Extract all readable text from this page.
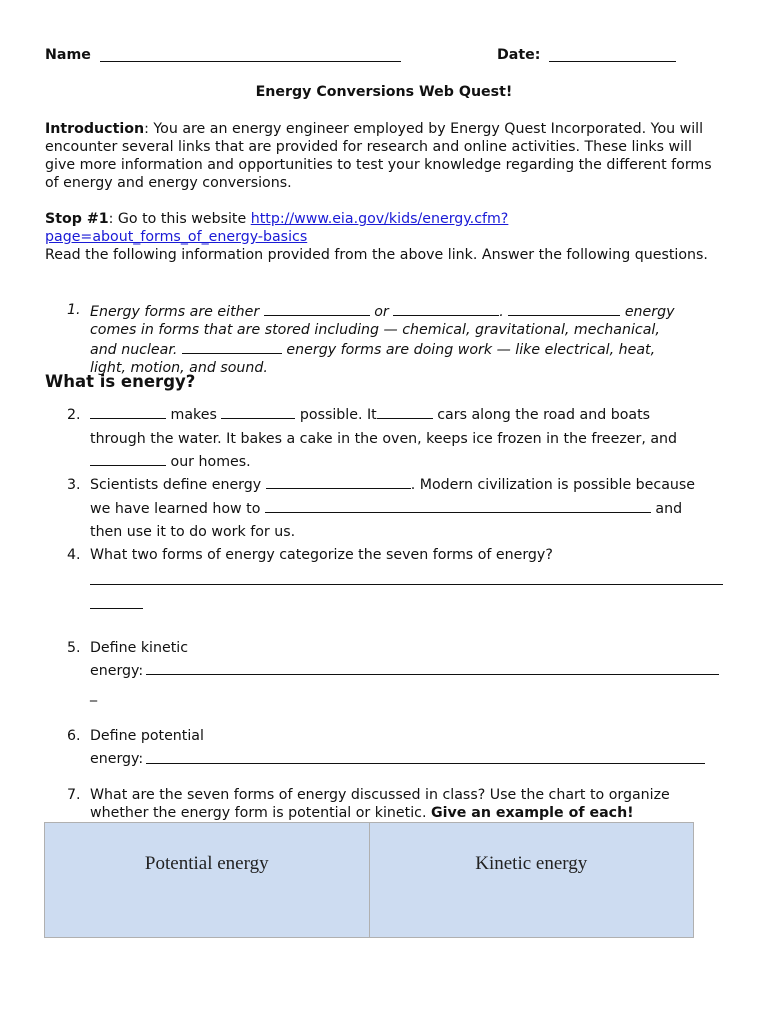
Name	Date:
Energy Conversions Web Quest!
Introduction: You are an energy engineer employed by Energy Quest Incorporated. You will encounter several links that are provided for research and online activities. These links will give more information and opportunities to test your knowledge regarding the different forms of energy and energy conversions.
Stop #1: Go to this website http://www.eia.gov/kids/energy.cfm?
page=about_forms_of_energy-basics
Read the following information provided from the above link. Answer the following questions.
1. Energy forms are either	or	.	energy
comes in forms that are stored including — chemical, gravitational, mechanical,
and nuclear.	energy forms are doing work — like electrical, heat,
light, motion, and sound.
What is energy?
2.	makes	possible. It	cars along the road and boats
through the water. It bakes a cake in the oven, keeps ice frozen in the freezer, and
our homes.
3. Scientists define energy	. Modern civilization is possible because
we have learned how to	and
then use it to do work for us.
4. What two forms of energy categorize the seven forms of energy?
5. Define kinetic
energy:
_
6. Define potential
energy:
7. What are the seven forms of energy discussed in class? Use the chart to organize
whether the energy form is potential or kinetic. Give an example of each!
Potential energy	Kinetic energy
